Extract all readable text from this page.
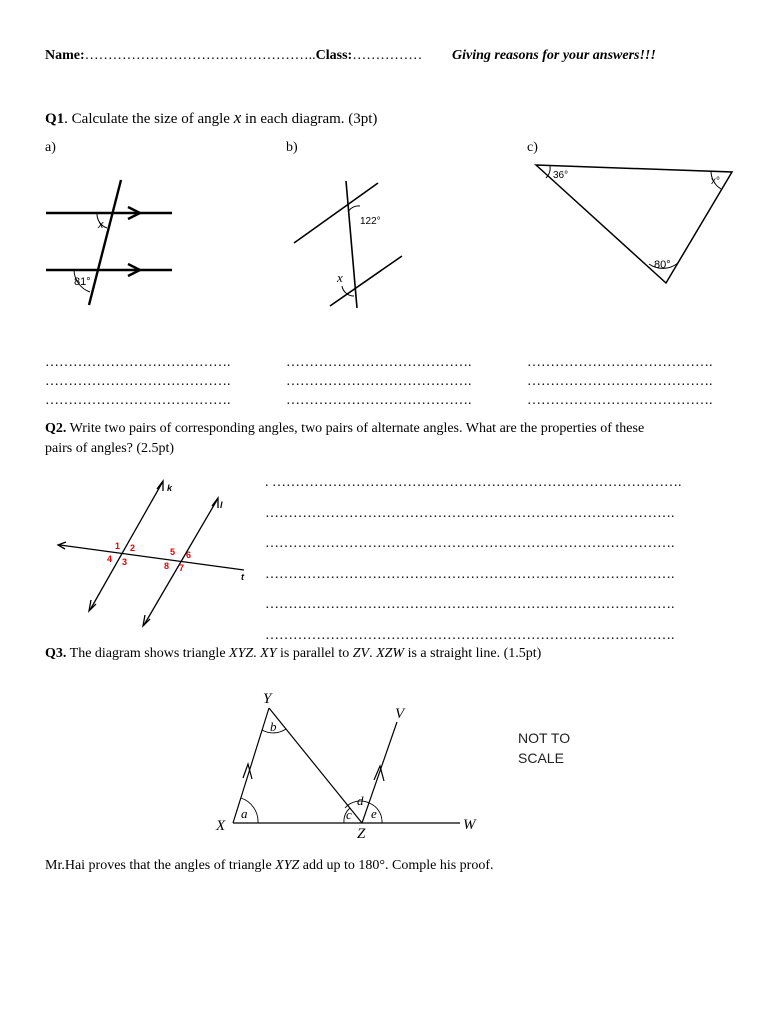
Name:…………………………………………..Class:…………… Giving reasons for your answers!!!
Q1. Calculate the size of angle x in each diagram. (3pt)
a)	b)	c)
x
81°
122°
x
36°
x°
80°
………………………………….
………………………………….
………………………………….
………………………………….
………………………………….
………………………………….
………………………………….
………………………………….
………………………………….
Q2. Write two pairs of corresponding angles, two pairs of alternate angles. What are the properties of these
pairs of angles? (2.5pt)
k
l
t
1 2
3
4
5 6
7
8
. …………………………………………………………………………….
…………………………………………………………………………….
…………………………………………………………………………….
…………………………………………………………………………….
…………………………………………………………………………….
…………………………………………………………………………….
Q3. The diagram shows triangle XYZ. XY is parallel to ZV. XZW is a straight line. (1.5pt)
Y
V
X	Z
W
a
b
c
d
e
NOT TO
SCALE
Mr.Hai proves that the angles of triangle XYZ add up to 180°. Comple his proof.
